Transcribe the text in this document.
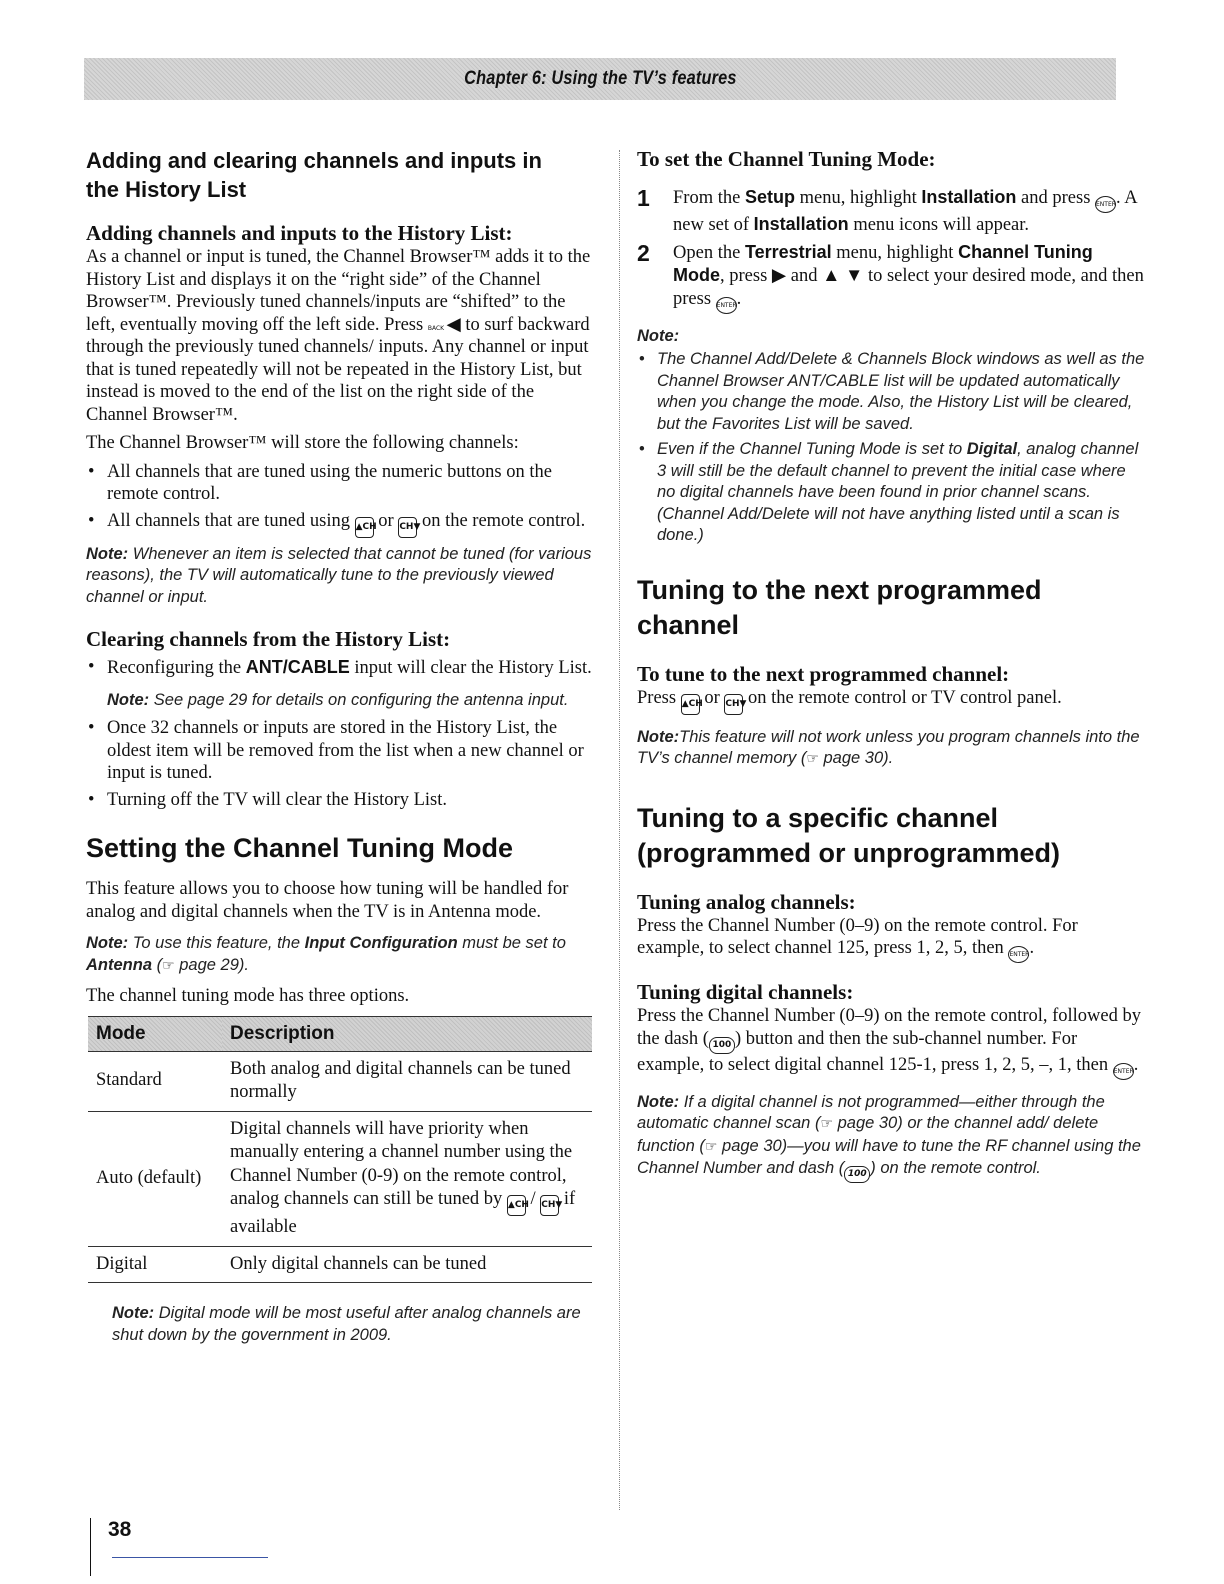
Chapter 6: Using the TV’s features
Adding and clearing channels and inputs in the History List
Adding channels and inputs to the History List:

As a channel or input is tuned, the Channel Browser™ adds it to the History List and displays it on the “right side” of the Channel Browser™. Previously tuned channels/inputs are “shifted” to the left, eventually moving off the left side. Press BACK ◀ to surf backward through the previously tuned channels/ inputs. Any channel or input that is tuned repeatedly will not be repeated in the History List, but instead is moved to the end of the list on the right side of the Channel Browser™.

The Channel Browser™ will store the following channels:

• All channels that are tuned using the numeric buttons on the remote control.
• All channels that are tuned using ▲CH or CH▼ on the remote control.

Note: Whenever an item is selected that cannot be tuned (for various reasons), the TV will automatically tune to the previously viewed channel or input.

Clearing channels from the History List:
• Reconfiguring the ANT/CABLE input will clear the History List.
Note: See page 29 for details on configuring the antenna input.
• Once 32 channels or inputs are stored in the History List, the oldest item will be removed from the list when a new channel or input is tuned.
• Turning off the TV will clear the History List.
Setting the Channel Tuning Mode

This feature allows you to choose how tuning will be handled for analog and digital channels when the TV is in Antenna mode.

Note: To use this feature, the Input Configuration must be set to Antenna (☞ page 29).

The channel tuning mode has three options.

Mode	Description
Standard	Both analog and digital channels can be tuned normally
Auto (default)	Digital channels will have priority when manually entering a channel number using the Channel Number (0-9) on the remote control, analog channels can still be tuned by ▲CH / CH▼ if available
Digital	Only digital channels can be tuned

Note: Digital mode will be most useful after analog channels are shut down by the government in 2009.

To set the Channel Tuning Mode:
1	From the Setup menu, highlight Installation and press ENTER. A new set of Installation menu icons will appear.
2	Open the Terrestrial menu, highlight Channel Tuning Mode, press ▶ and ▲ ▼ to select your desired mode, and then press ENTER.

Note:

• The Channel Add/Delete & Channels Block windows as well as the Channel Browser ANT/CABLE list will be updated automatically when you change the mode. Also, the History List will be cleared, but the Favorites List will be saved.
• Even if the Channel Tuning Mode is set to Digital, analog channel 3 will still be the default channel to prevent the initial case where no digital channels have been found in prior channel scans. (Channel Add/Delete will not have anything listed until a scan is done.)
Tuning to the next programmed channel
To tune to the next programmed channel:

Press ▲CH or CH▼ on the remote control or TV control panel.

Note:This feature will not work unless you program channels into the TV’s channel memory (☞ page 30).

Tuning to a specific channel (programmed or unprogrammed)
Tuning analog channels:

Press the Channel Number (0–9) on the remote control. For example, to select channel 125, press 1, 2, 5, then ENTER.

Tuning digital channels:

Press the Channel Number (0–9) on the remote control, followed by the dash ( 100 ) button and then the sub-channel number. For example, to select digital channel 125-1, press 1, 2, 5, –, 1, then ENTER.

Note: If a digital channel is not programmed—either through the automatic channel scan (☞ page 30) or the channel add/ delete function (☞ page 30)—you will have to tune the RF channel using the Channel Number and dash ( 100 ) on the remote control.

38
